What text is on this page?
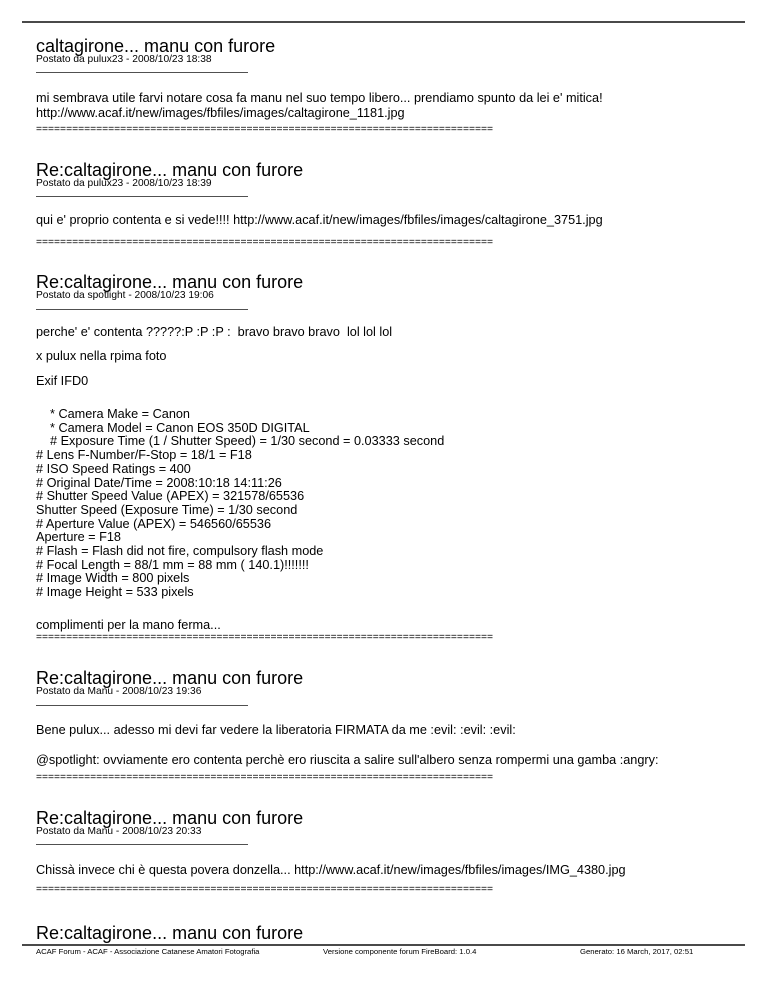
caltagirone... manu con furore
Postato da pulux23 - 2008/10/23 18:38
mi sembrava utile farvi notare cosa fa manu nel suo tempo libero... prendiamo spunto da lei e' mitica!
http://www.acaf.it/new/images/fbfiles/images/caltagirone_1181.jpg
============================================================================
Re:caltagirone... manu con furore
Postato da pulux23 - 2008/10/23 18:39
qui e' proprio contenta e si vede!!!! http://www.acaf.it/new/images/fbfiles/images/caltagirone_3751.jpg
============================================================================
Re:caltagirone... manu con furore
Postato da spotlight - 2008/10/23 19:06
perche' e' contenta ?????:P :P :P :  bravo bravo bravo  lol lol lol
x pulux nella rpima foto
Exif IFD0
* Camera Make = Canon
* Camera Model = Canon EOS 350D DIGITAL
# Exposure Time (1 / Shutter Speed) = 1/30 second = 0.03333 second
# Lens F-Number/F-Stop = 18/1 = F18
# ISO Speed Ratings = 400
# Original Date/Time = 2008:10:18 14:11:26
# Shutter Speed Value (APEX) = 321578/65536
Shutter Speed (Exposure Time) = 1/30 second
# Aperture Value (APEX) = 546560/65536
Aperture = F18
# Flash = Flash did not fire, compulsory flash mode
# Focal Length = 88/1 mm = 88 mm ( 140.1)!!!!!!!
# Image Width = 800 pixels
# Image Height = 533 pixels
complimenti per la mano ferma...
============================================================================
Re:caltagirone... manu con furore
Postato da Manu - 2008/10/23 19:36
Bene pulux... adesso mi devi far vedere la liberatoria FIRMATA da me :evil: :evil: :evil:
@spotlight: ovviamente ero contenta perchè ero riuscita a salire sull'albero senza rompermi una gamba :angry:
============================================================================
Re:caltagirone... manu con furore
Postato da Manu - 2008/10/23 20:33
Chissà invece chi è questa povera donzella... http://www.acaf.it/new/images/fbfiles/images/IMG_4380.jpg
============================================================================
Re:caltagirone... manu con furore
ACAF Forum - ACAF - Associazione Catanese Amatori Fotografia	Versione componente forum FireBoard: 1.0.4	Generato: 16 March, 2017, 02:51
